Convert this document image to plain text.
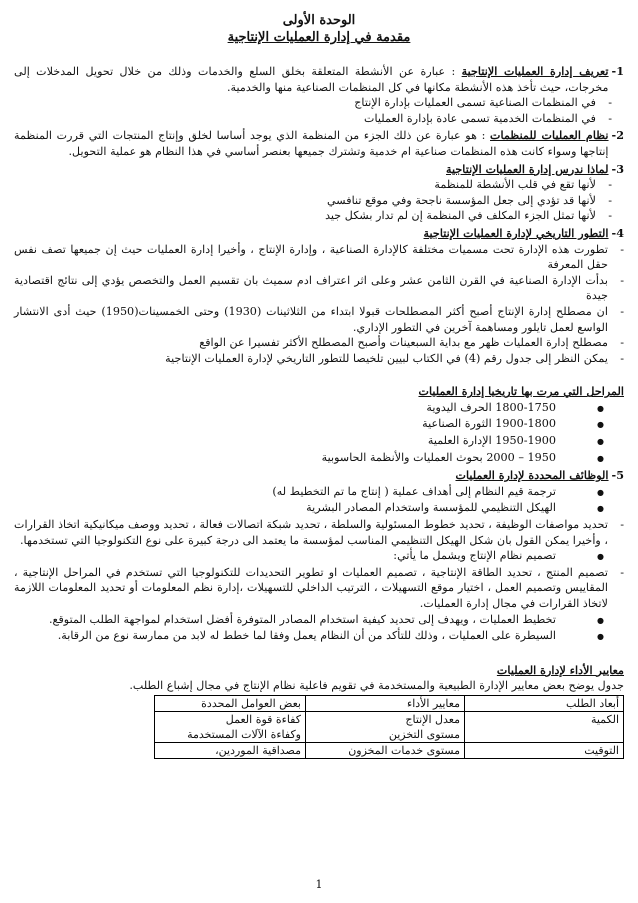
الوحدة الأولى
مقدمة في إدارة العمليات الإنتاجية
1-
تعريف إدارة العمليات الإنتاجية : عبارة عن الأنشطة المتعلقة بخلق السلع والخدمات وذلك من خلال تحويل المدخلات إلى مخرجات، حيث تأخذ هذه الأنشطة مكانها في كل المنظمات الصناعية منها والخدمية.
- في المنظمات الصناعية تسمى العمليات بإدارة الإنتاج
- في المنظمات الخدمية تسمى عادة بإدارة العمليات
2-
نظام العمليات للمنظمات : هو عبارة عن ذلك الجزء من المنظمة الذي يوجد أساسا لخلق وإنتاج المنتجات التي قررت المنظمة إنتاجها وسواء كانت هذه المنظمات صناعية ام خدمية وتشترك جميعها بعنصر أساسي في هذا النظام هو عملية التحويل.
3-
لماذا ندرس إدارة العمليات الإنتاجية
- لأنها تقع في قلب الأنشطة للمنظمة
- لأنها قد تؤدي إلى جعل المؤسسة ناجحة وفي موقع تنافسي
- لأنها تمثل الجزء المكلف في المنظمة إن لم تدار بشكل جيد
4-
التطور التاريخي لإدارة العمليات الإنتاجية
- تطورت هذه الإدارة تحت مسميات مختلفة كالإدارة الصناعية ، وإدارة الإنتاج ، وأخيرا إدارة العمليات حيث إن جميعها تصف نفس حقل المعرفة
- بدأت الإدارة الصناعية في القرن الثامن عشر وعلى اثر اعتراف ادم سميث بان تقسيم العمل والتخصص يؤدي إلى نتائج اقتصادية جيدة
- ان مصطلح إدارة الإنتاج أصبح أكثر المصطلحات قبولا ابتداء من الثلاثينات (1930) وحتى الخمسينات(1950) حيث أدى الانتشار الواسع لعمل تايلور ومساهمة آخرين في التطور الإداري.
- مصطلح إدارة العمليات ظهر مع بداية السبعينات وأصبح المصطلح الأكثر تفسيرا عن الواقع
- يمكن النظر إلى جدول رقم (4) في الكتاب لبيين تلخيصا للتطور التاريخي لإدارة العمليات الإنتاجية
المراحل التي مرت بها تاريخيا إدارة العمليات
● 1800-1750 الحرف اليدوية
● 1900-1800 الثورة الصناعية
● 1950-1900 الإدارة العلمية
● 1950 – 2000 بحوث العمليات والأنظمة الحاسوبية
5-
الوظائف المحددة لإدارة العمليات
● ترجمة قيم النظام إلى أهداف عملية ( إنتاج ما تم التخطيط له)
● الهيكل التنظيمي للمؤسسة واستخدام المصادر البشرية
- تحديد مواصفات الوظيفة ، تحديد خطوط المسئولية والسلطة ، تحديد شبكة اتصالات فعالة ، تحديد ووصف ميكانيكية اتخاذ القرارات ، وأخيرا يمكن القول بان شكل الهيكل التنظيمي المناسب لمؤسسة ما يعتمد الى درجة كبيرة على نوع التكنولوجيا التي تستخدمها.
● تصميم نظام الإنتاج ويشمل ما يأتي:
- تصميم المنتج ، تحديد الطاقة الإنتاجية ، تصميم العمليات او تطوير التحديدات للتكنولوجيا التي تستخدم في المراحل الإنتاجية ، المقاييس وتصميم العمل ، اختيار موقع التسهيلات ، الترتيب الداخلي للتسهيلات ،إدارة نظم المعلومات أو تحديد المعلومات اللازمة لاتخاذ القرارات في مجال إدارة العمليات.
● تخطيط العمليات ، ويهدف إلى تحديد كيفية استخدام المصادر المتوفرة أفضل استخدام لمواجهة الطلب المتوقع.
● السيطرة على العمليات ، وذلك للتأكد من أن النظام يعمل وفقا لما خطط له لابد من ممارسة نوع من الرقابة.
معايير الأداء لإدارة العمليات
جدول يوضح بعض معايير الإدارة الطبيعية والمستخدمة في تقويم فاعلية نظام الإنتاج في مجال إشباع الطلب.
أبعاد الطلب	معايير الأداء	بعض العوامل المحددة
الكمية	معدل الإنتاج	كفاءة قوة العمل
	مستوى التخزين	وكفاءة الآلات المستخدمة
التوقيت	مستوى خدمات المخزون	مصداقية الموردين،
1
